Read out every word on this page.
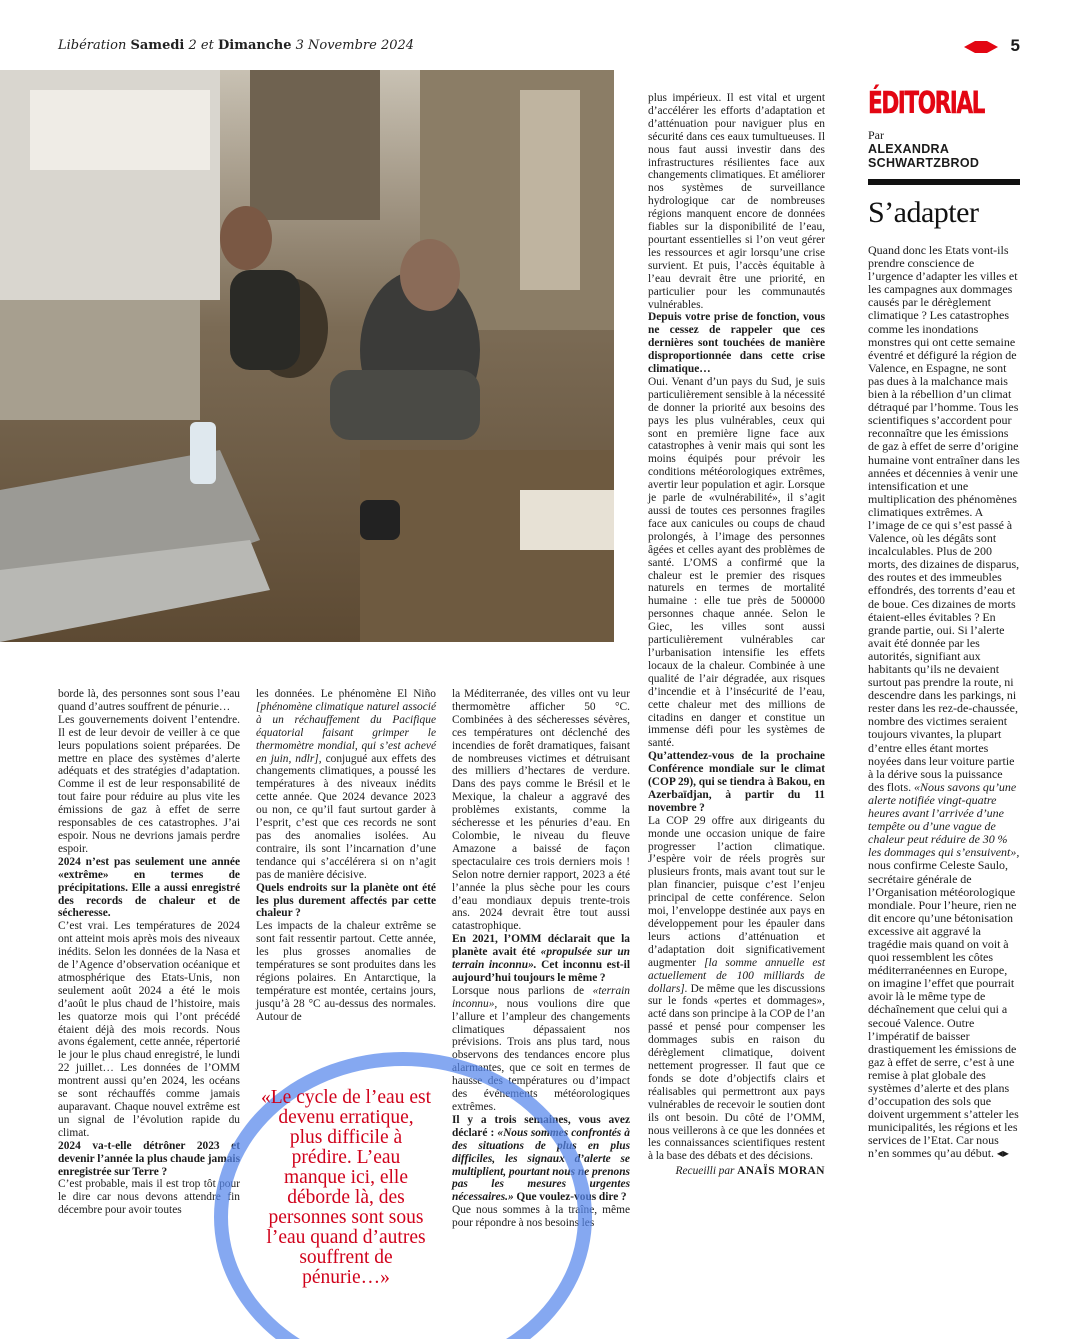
Libération Samedi 2 et Dimanche 3 Novembre 2024	5

borde là, des personnes sont sous l’eau quand d’autres souffrent de pénurie…

Les gouvernements doivent l’entendre. Il est de leur devoir de veiller à ce que leurs populations soient préparées. De mettre en place des systèmes d’alerte adéquats et des stratégies d’adaptation. Comme il est de leur responsabilité de tout faire pour réduire au plus vite les émissions de gaz à effet de serre responsables de ces catastrophes. J’ai espoir. Nous ne devrions jamais perdre espoir.

2024 n’est pas seulement une année «extrême» en termes de précipitations. Elle a aussi enregistré des records de chaleur et de sécheresse.

C’est vrai. Les températures de 2024 ont atteint mois après mois des niveaux inédits. Selon les données de la Nasa et de l’Agence d’observation océanique et atmosphérique des Etats-Unis, non seulement août 2024 a été le mois d’août le plus chaud de l’histoire, mais les quatorze mois qui l’ont précédé étaient déjà des mois records. Nous avons également, cette année, répertorié le jour le plus chaud enregistré, le lundi 22 juillet… Les données de l’OMM montrent aussi qu’en 2024, les océans se sont réchauffés comme jamais auparavant. Chaque nouvel extrême est un signal de l’évolution rapide du climat.

2024 va-t-elle détrôner 2023 et devenir l’année la plus chaude jamais enregistrée sur Terre ?

C’est probable, mais il est trop tôt pour le dire car nous devons attendre fin décembre pour avoir toutes

les données. Le phénomène El Niño [phénomène climatique naturel associé à un réchauffement du Pacifique équatorial faisant grimper le thermomètre mondial, qui s’est achevé en juin, ndlr], conjugué aux effets des changements climatiques, a poussé les températures à des niveaux inédits cette année. Que 2024 devance 2023 ou non, ce qu’il faut surtout garder à l’esprit, c’est que ces records ne sont pas des anomalies isolées. Au contraire, ils sont l’incarnation d’une tendance qui s’accélérera si on n’agit pas de manière décisive.

Quels endroits sur la planète ont été les plus durement affectés par cette chaleur ?

Les impacts de la chaleur extrême se sont fait ressentir partout. Cette année, les plus grosses anomalies de températures se sont produites dans les régions polaires. En Antarctique, la température est montée, certains jours, jusqu’à 28 °C au-dessus des normales. Autour de

la Méditerranée, des villes ont vu leur thermomètre afficher 50 °C. Combinées à des sécheresses sévères, ces températures ont déclenché des incendies de forêt dramatiques, faisant de nombreuses victimes et détruisant des milliers d’hectares de verdure. Dans des pays comme le Brésil et le Mexique, la chaleur a aggravé des problèmes existants, comme la sécheresse et les pénuries d’eau. En Colombie, le niveau du fleuve Amazone a baissé de façon spectaculaire ces trois derniers mois ! Selon notre dernier rapport, 2023 a été l’année la plus sèche pour les cours d’eau mondiaux depuis trente-trois ans. 2024 devrait être tout aussi catastrophique.

En 2021, l’OMM déclarait que la planète avait été «propulsée sur un terrain inconnu». Cet inconnu est-il aujourd’hui toujours le même ?

Lorsque nous parlions de «terrain inconnu», nous voulions dire que l’allure et l’ampleur des changements climatiques dépassaient nos prévisions. Trois ans plus tard, nous observons des tendances encore plus alarmantes, que ce soit en termes de hausse des températures ou d’impact des événements météorologiques extrêmes.

Il y a trois semaines, vous avez déclaré : «Nous sommes confrontés à des situations de plus en plus difficiles, les signaux d’alerte se multiplient, pourtant nous ne prenons pas les mesures urgentes nécessaires.» Que voulez-vous dire ?

Que nous sommes à la traîne, même pour répondre à nos besoins les

plus impérieux. Il est vital et urgent d’accélérer les efforts d’adaptation et d’atténuation pour naviguer plus en sécurité dans ces eaux tumultueuses. Il nous faut aussi investir dans des infrastructures résilientes face aux changements climatiques. Et améliorer nos systèmes de surveillance hydrologique car de nombreuses régions manquent encore de données fiables sur la disponibilité de l’eau, pourtant essentielles si l’on veut gérer les ressources et agir lorsqu’une crise survient. Et puis, l’accès équitable à l’eau devrait être une priorité, en particulier pour les communautés vulnérables.

Depuis votre prise de fonction, vous ne cessez de rappeler que ces dernières sont touchées de manière disproportionnée dans cette crise climatique…

Oui. Venant d’un pays du Sud, je suis particulièrement sensible à la nécessité de donner la priorité aux besoins des pays les plus vulnérables, ceux qui sont en première ligne face aux catastrophes à venir mais qui sont les moins équipés pour prévoir les conditions météorologiques extrêmes, avertir leur population et agir. Lorsque je parle de «vulnérabilité», il s’agit aussi de toutes ces personnes fragiles face aux canicules ou coups de chaud prolongés, à l’image des personnes âgées et celles ayant des problèmes de santé. L’OMS a confirmé que la chaleur est le premier des risques naturels en termes de mortalité humaine : elle tue près de 500000 personnes chaque année. Selon le Giec, les villes sont aussi particulièrement vulnérables car l’urbanisation intensifie les effets locaux de la chaleur. Combinée à une qualité de l’air dégradée, aux risques d’incendie et à l’insécurité de l’eau, cette chaleur met des millions de citadins en danger et constitue un immense défi pour les systèmes de santé.

Qu’attendez-vous de la prochaine Conférence mondiale sur le climat (COP 29), qui se tiendra à Bakou, en Azerbaïdjan, à partir du 11 novembre ?

La COP 29 offre aux dirigeants du monde une occasion unique de faire progresser l’action climatique. J’espère voir de réels progrès sur plusieurs fronts, mais avant tout sur le plan financier, puisque c’est l’enjeu principal de cette conférence. Selon moi, l’enveloppe destinée aux pays en développement pour les épauler dans leurs actions d’atténuation et d’adaptation doit significativement augmenter [la somme annuelle est actuellement de 100 milliards de dollars]. De même que les discussions sur le fonds «pertes et dommages», acté dans son principe à la COP de l’an passé et pensé pour compenser les dommages subis en raison du dérèglement climatique, doivent nettement progresser. Il faut que ce fonds se dote d’objectifs clairs et réalisables qui permettront aux pays vulnérables de recevoir le soutien dont ils ont besoin. Du côté de l’OMM, nous veillerons à ce que les données et les connaissances scientifiques restent à la base des débats et des décisions.

Recueilli par ANAÏS MORAN

ÉDITORIAL
Par
ALEXANDRA
SCHWARTZBROD
S’adapter

Quand donc les Etats vont-ils prendre conscience de l’urgence d’adapter les villes et les campagnes aux dommages causés par le dérèglement climatique ? Les catastrophes comme les inondations monstres qui ont cette semaine éventré et défiguré la région de Valence, en Espagne, ne sont pas dues à la malchance mais bien à la rébellion d’un climat détraqué par l’homme. Tous les scientifiques s’accordent pour reconnaître que les émissions de gaz à effet de serre d’origine humaine vont entraîner dans les années et décennies à venir une intensification et une multiplication des phénomènes climatiques extrêmes. A l’image de ce qui s’est passé à Valence, où les dégâts sont incalculables. Plus de 200 morts, des dizaines de disparus, des routes et des immeubles effondrés, des torrents d’eau et de boue. Ces dizaines de morts étaient-elles évitables ? En grande partie, oui. Si l’alerte avait été donnée par les autorités, signifiant aux habitants qu’ils ne devaient surtout pas prendre la route, ni descendre dans les parkings, ni rester dans les rez-de-chaussée, nombre des victimes seraient toujours vivantes, la plupart d’entre elles étant mortes noyées dans leur voiture partie à la dérive sous la puissance des flots. «Nous savons qu’une alerte notifiée vingt-quatre heures avant l’arrivée d’une tempête ou d’une vague de chaleur peut réduire de 30 % les dommages qui s’ensuivent», nous confirme Celeste Saulo, secrétaire générale de l’Organisation météorologique mondiale. Pour l’heure, rien ne dit encore qu’une bétonisation excessive ait aggravé la tragédie mais quand on voit à quoi ressemblent les côtes méditerranéennes en Europe, on imagine l’effet que pourrait avoir là le même type de déchaînement que celui qui a secoué Valence. Outre l’impératif de baisser drastiquement les émissions de gaz à effet de serre, c’est à une remise à plat globale des systèmes d’alerte et des plans d’occupation des sols que doivent urgemment s’atteler les municipalités, les régions et les services de l’Etat. Car nous n’en sommes qu’au début. ◂▸

«Le cycle de l’eau est devenu erratique, plus difficile à prédire. L’eau manque ici, elle déborde là, des personnes sont sous l’eau quand d’autres souffrent de pénurie…»
